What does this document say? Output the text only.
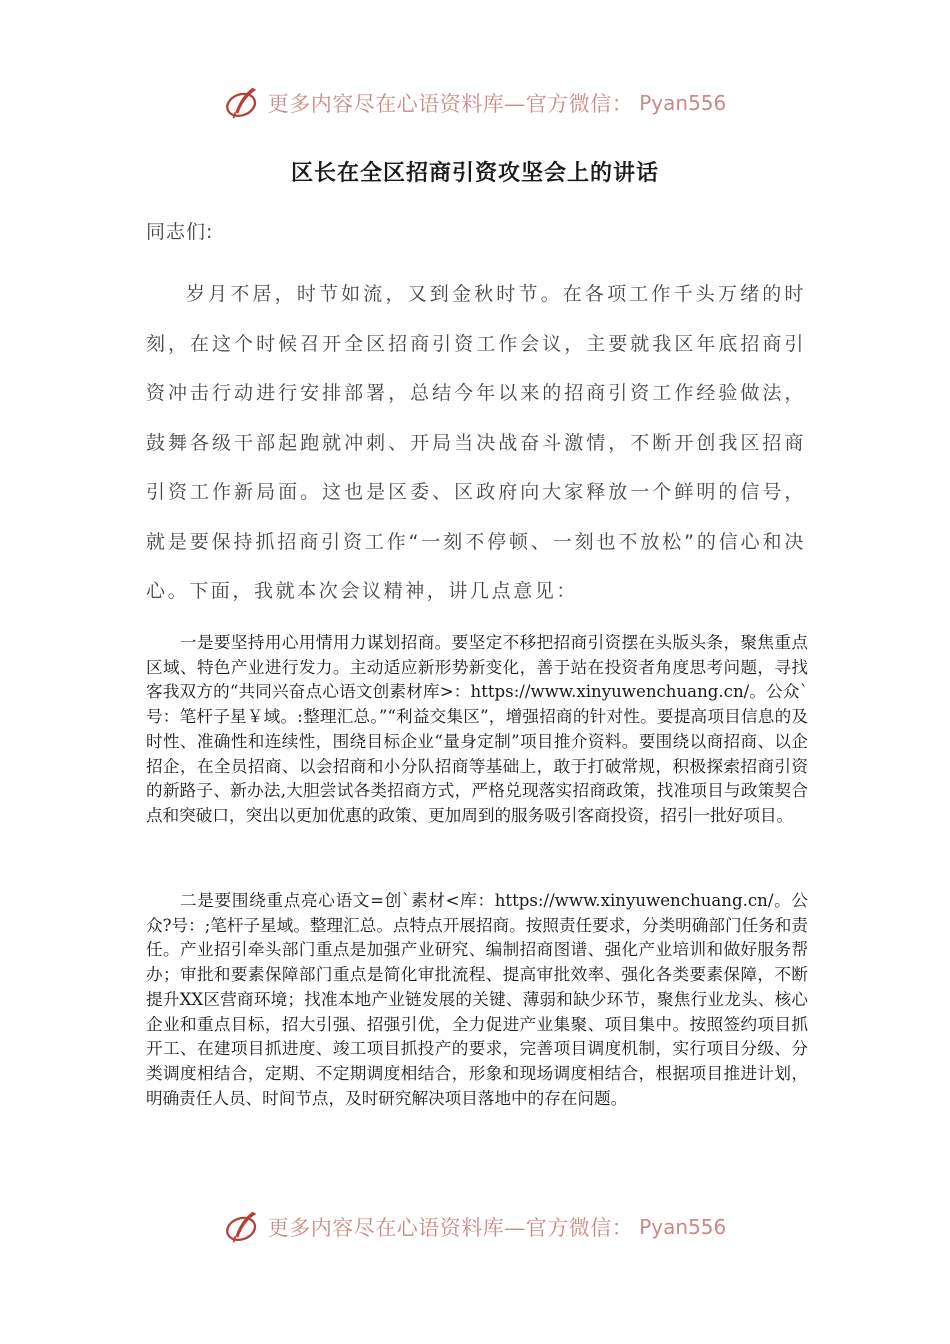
更多内容尽在心语资料库—官方微信： Pyan556
区长在全区招商引资攻坚会上的讲话
同志们:

岁月不居，时节如流，又到金秋时节。在各项工作千头万绪的时刻，在这个时候召开全区招商引资工作会议，主要就我区年底招商引资冲击行动进行安排部署，总结今年以来的招商引资工作经验做法，鼓舞各级干部起跑就冲刺、开局当决战奋斗激情，不断开创我区招商引资工作新局面。这也是区委、区政府向大家释放一个鲜明的信号，就是要保持抓招商引资工作“一刻不停顿、一刻也不放松”的信心和决心。下面，我就本次会议精神，讲几点意见：

一是要坚持用心用情用力谋划招商。要坚定不移把招商引资摆在头版头条，聚焦重点区域、特色产业进行发力。主动适应新形势新变化，善于站在投资者角度思考问题，寻找客我双方的“共同兴奋点心语文创素材库>：https://www.xinyuwenchuang.cn/。公众`号：笔杆子星￥域。:整理汇总。”“利益交集区”，增强招商的针对性。要提高项目信息的及时性、准确性和连续性，围绕目标企业“量身定制”项目推介资料。要围绕以商招商、以企招企，在全员招商、以会招商和小分队招商等基础上，敢于打破常规，积极探索招商引资的新路子、新办法,大胆尝试各类招商方式，严格兑现落实招商政策，找准项目与政策契合点和突破口，突出以更加优惠的政策、更加周到的服务吸引客商投资，招引一批好项目。

二是要围绕重点亮心语文=创`素材<库：https://www.xinyuwenchuang.cn/。公众?号：;笔杆子星域。整理汇总。点特点开展招商。按照责任要求，分类明确部门任务和责任。产业招引牵头部门重点是加强产业研究、编制招商图谱、强化产业培训和做好服务帮办；审批和要素保障部门重点是简化审批流程、提高审批效率、强化各类要素保障，不断提升XX区营商环境；找准本地产业链发展的关键、薄弱和缺少环节，聚焦行业龙头、核心企业和重点目标，招大引强、招强引优，全力促进产业集聚、项目集中。按照签约项目抓开工、在建项目抓进度、竣工项目抓投产的要求，完善项目调度机制，实行项目分级、分类调度相结合，定期、不定期调度相结合，形象和现场调度相结合，根据项目推进计划，明确责任人员、时间节点，及时研究解决项目落地中的存在问题。

更多内容尽在心语资料库—官方微信： Pyan556
